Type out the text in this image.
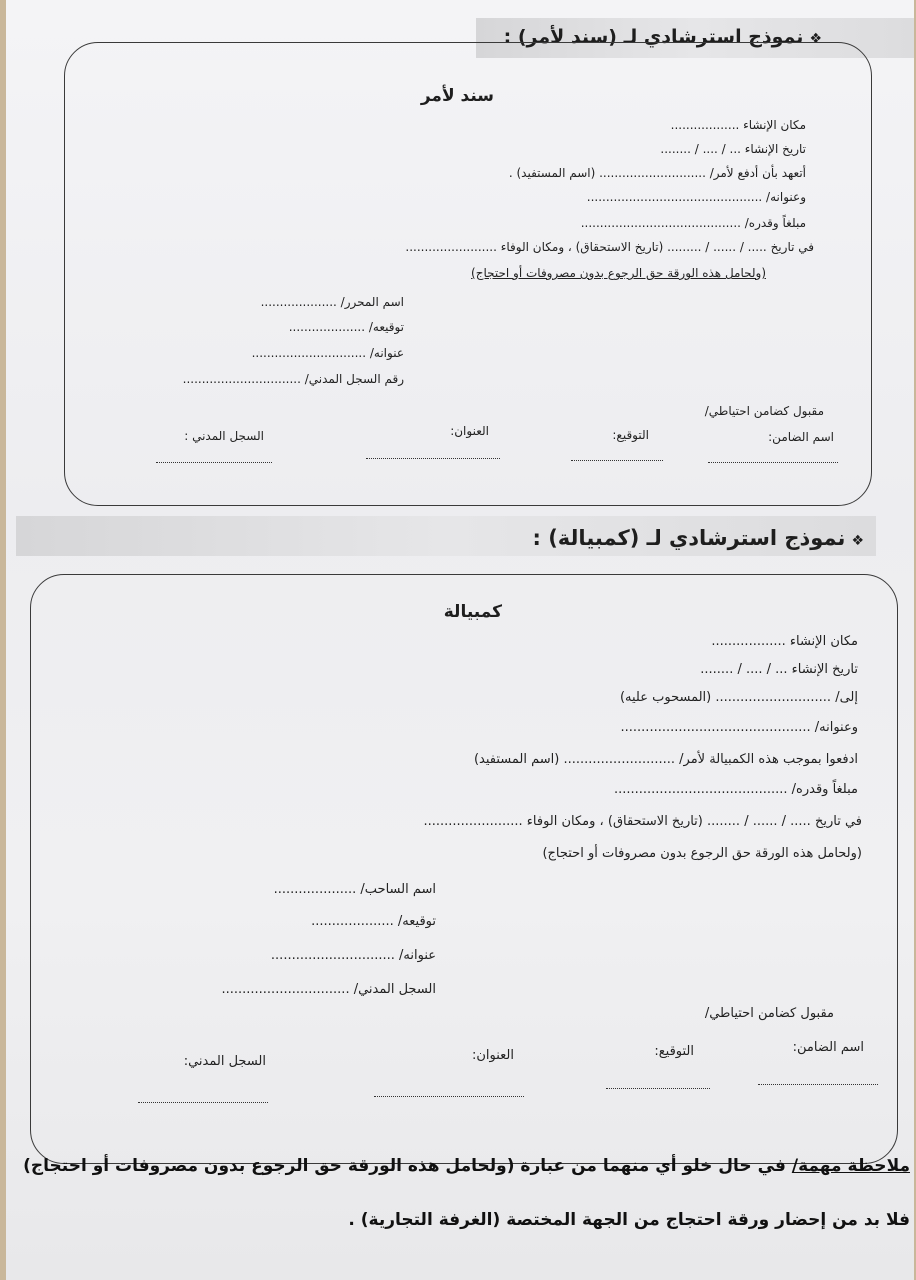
❖نموذج استرشادي لـ (سند لأمر) :
سند لأمر
مكان الإنشاء ..................
تاريخ الإنشاء ... / .... / ........
أتعهد بأن أدفع لأمر/ ............................ (اسم المستفيد) .
وعنوانه/ ..............................................
مبلغاً وقدره/ ..........................................
في تاريخ ..... / ...... / ......... (تاريخ الاستحقاق) ، ومكان الوفاء ........................
(ولحامل هذه الورقة حق الرجوع بدون مصروفات أو احتجاج)
اسم المحرر/ ....................
توقيعه/ ....................
عنوانه/ ..............................
رقم السجل المدني/ ...............................
مقبول كضامن احتياطي/
اسم الضامن:
التوقيع:
العنوان:
السجل المدني :
❖نموذج استرشادي لـ (كمبيالة) :
كمبيالة
مكان الإنشاء ..................
تاريخ الإنشاء ... / .... / ........
إلى/ ............................ (المسحوب عليه)
وعنوانه/ ..............................................
ادفعوا بموجب هذه الكمبيالة لأمر/ ........................... (اسم المستفيد)
مبلغاً وقدره/ ..........................................
في تاريخ ..... / ...... / ........ (تاريخ الاستحقاق) ، ومكان الوفاء ........................
(ولحامل هذه الورقة حق الرجوع بدون مصروفات أو احتجاج)
اسم الساحب/ ....................
توقيعه/ ....................
عنوانه/ ..............................
السجل المدني/ ...............................
مقبول كضامن احتياطي/
اسم الضامن:
التوقيع:
العنوان:
السجل المدني:
ملاحظة مهمة/ في حال خلو أي منهما من عبارة (ولحامل هذه الورقة حق الرجوع بدون مصروفات أو احتجاج)
فلا بد من إحضار ورقة احتجاج من الجهة المختصة (الغرفة التجارية) .
